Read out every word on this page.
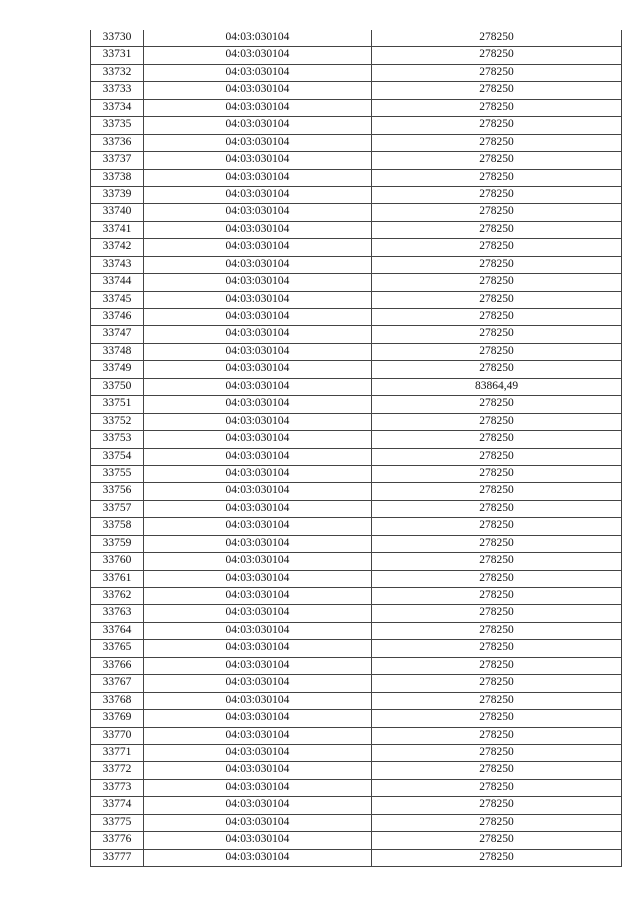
33730	04:03:030104	278250
33731	04:03:030104	278250
33732	04:03:030104	278250
33733	04:03:030104	278250
33734	04:03:030104	278250
33735	04:03:030104	278250
33736	04:03:030104	278250
33737	04:03:030104	278250
33738	04:03:030104	278250
33739	04:03:030104	278250
33740	04:03:030104	278250
33741	04:03:030104	278250
33742	04:03:030104	278250
33743	04:03:030104	278250
33744	04:03:030104	278250
33745	04:03:030104	278250
33746	04:03:030104	278250
33747	04:03:030104	278250
33748	04:03:030104	278250
33749	04:03:030104	278250
33750	04:03:030104	83864,49
33751	04:03:030104	278250
33752	04:03:030104	278250
33753	04:03:030104	278250
33754	04:03:030104	278250
33755	04:03:030104	278250
33756	04:03:030104	278250
33757	04:03:030104	278250
33758	04:03:030104	278250
33759	04:03:030104	278250
33760	04:03:030104	278250
33761	04:03:030104	278250
33762	04:03:030104	278250
33763	04:03:030104	278250
33764	04:03:030104	278250
33765	04:03:030104	278250
33766	04:03:030104	278250
33767	04:03:030104	278250
33768	04:03:030104	278250
33769	04:03:030104	278250
33770	04:03:030104	278250
33771	04:03:030104	278250
33772	04:03:030104	278250
33773	04:03:030104	278250
33774	04:03:030104	278250
33775	04:03:030104	278250
33776	04:03:030104	278250
33777	04:03:030104	278250
